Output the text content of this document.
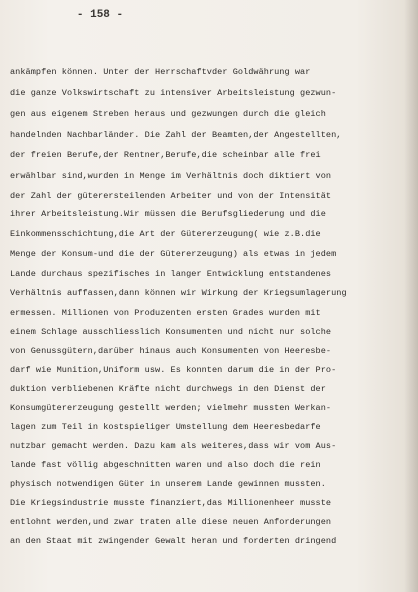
- 158 -
ankämpfen können. Unter der Herrschaftvder Goldwährung war
die ganze Volkswirtschaft zu intensiver Arbeitsleistung gezwun-
gen aus eigenem Streben heraus und gezwungen durch die gleich
handelnden Nachbarländer. Die Zahl der Beamten,der Angestellten,
der freien Berufe,der Rentner,Berufe,die scheinbar alle frei
erwählbar sind,wurden in Menge im Verhältnis doch diktiert von
der Zahl der güterersteilenden Arbeiter und von der Intensität
ihrer Arbeitsleistung.Wir müssen die Berufsgliederung und die
Einkommensschichtung,die Art der Gütererzeugung( wie z.B.die
Menge der Konsum-und die der Gütererzeugung) als etwas in jedem
Lande durchaus spezifisches in langer Entwicklung entstandenes
Verhältnis auffassen,dann können wir Wirkung der Kriegsumlagerung
ermessen. Millionen von Produzenten ersten Grades wurden mit
einem Schlage ausschliesslich Konsumenten und nicht nur solche
von Genussgütern,darüber hinaus auch Konsumenten von Heeresbe-
darf wie Munition,Uniform usw. Es konnten darum die in der Pro-
duktion verbliebenen Kräfte nicht durchwegs in den Dienst der
Konsumgütererzeugung gestellt werden; vielmehr mussten Werkan-
lagen zum Teil in kostspieliger Umstellung dem Heeresbedarfe
nutzbar gemacht werden. Dazu kam als weiteres,dass wir vom Aus-
lande fast völlig abgeschnitten waren und also doch die rein
physisch notwendigen Güter in unserem Lande gewinnen mussten.
Die Kriegsindustrie musste finanziert,das Millionenheer musste
entlohnt werden,und zwar traten alle diese neuen Anforderungen
an den Staat mit zwingender Gewalt heran und forderten dringend
